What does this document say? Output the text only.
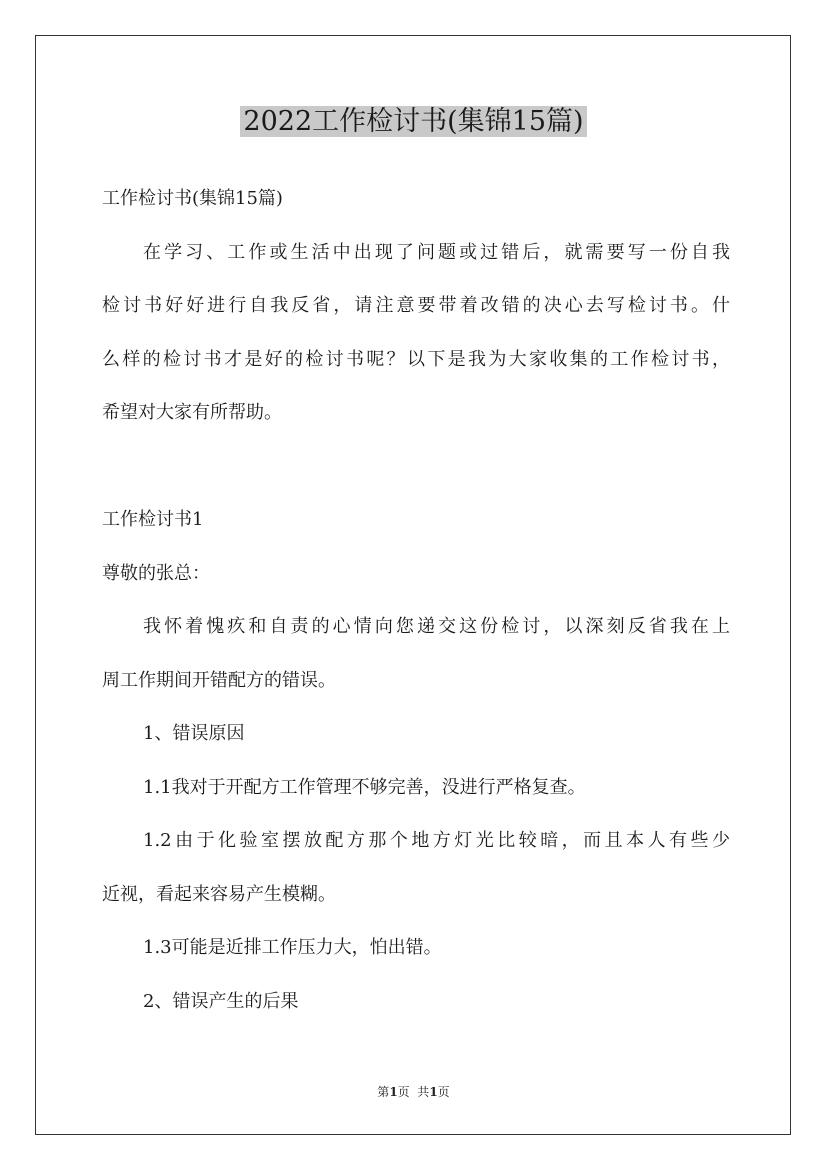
2022工作检讨书(集锦15篇)
工作检讨书(集锦15篇)
在学习、工作或生活中出现了问题或过错后，就需要写一份自我
检讨书好好进行自我反省，请注意要带着改错的决心去写检讨书。什
么样的检讨书才是好的检讨书呢？以下是我为大家收集的工作检讨书，
希望对大家有所帮助。
工作检讨书1
尊敬的张总：
我怀着愧疚和自责的心情向您递交这份检讨，以深刻反省我在上
周工作期间开错配方的错误。
1、错误原因
1.1我对于开配方工作管理不够完善，没进行严格复查。
1.2由于化验室摆放配方那个地方灯光比较暗，而且本人有些少
近视，看起来容易产生模糊。
1.3可能是近排工作压力大，怕出错。
2、错误产生的后果
第1页  共1页
